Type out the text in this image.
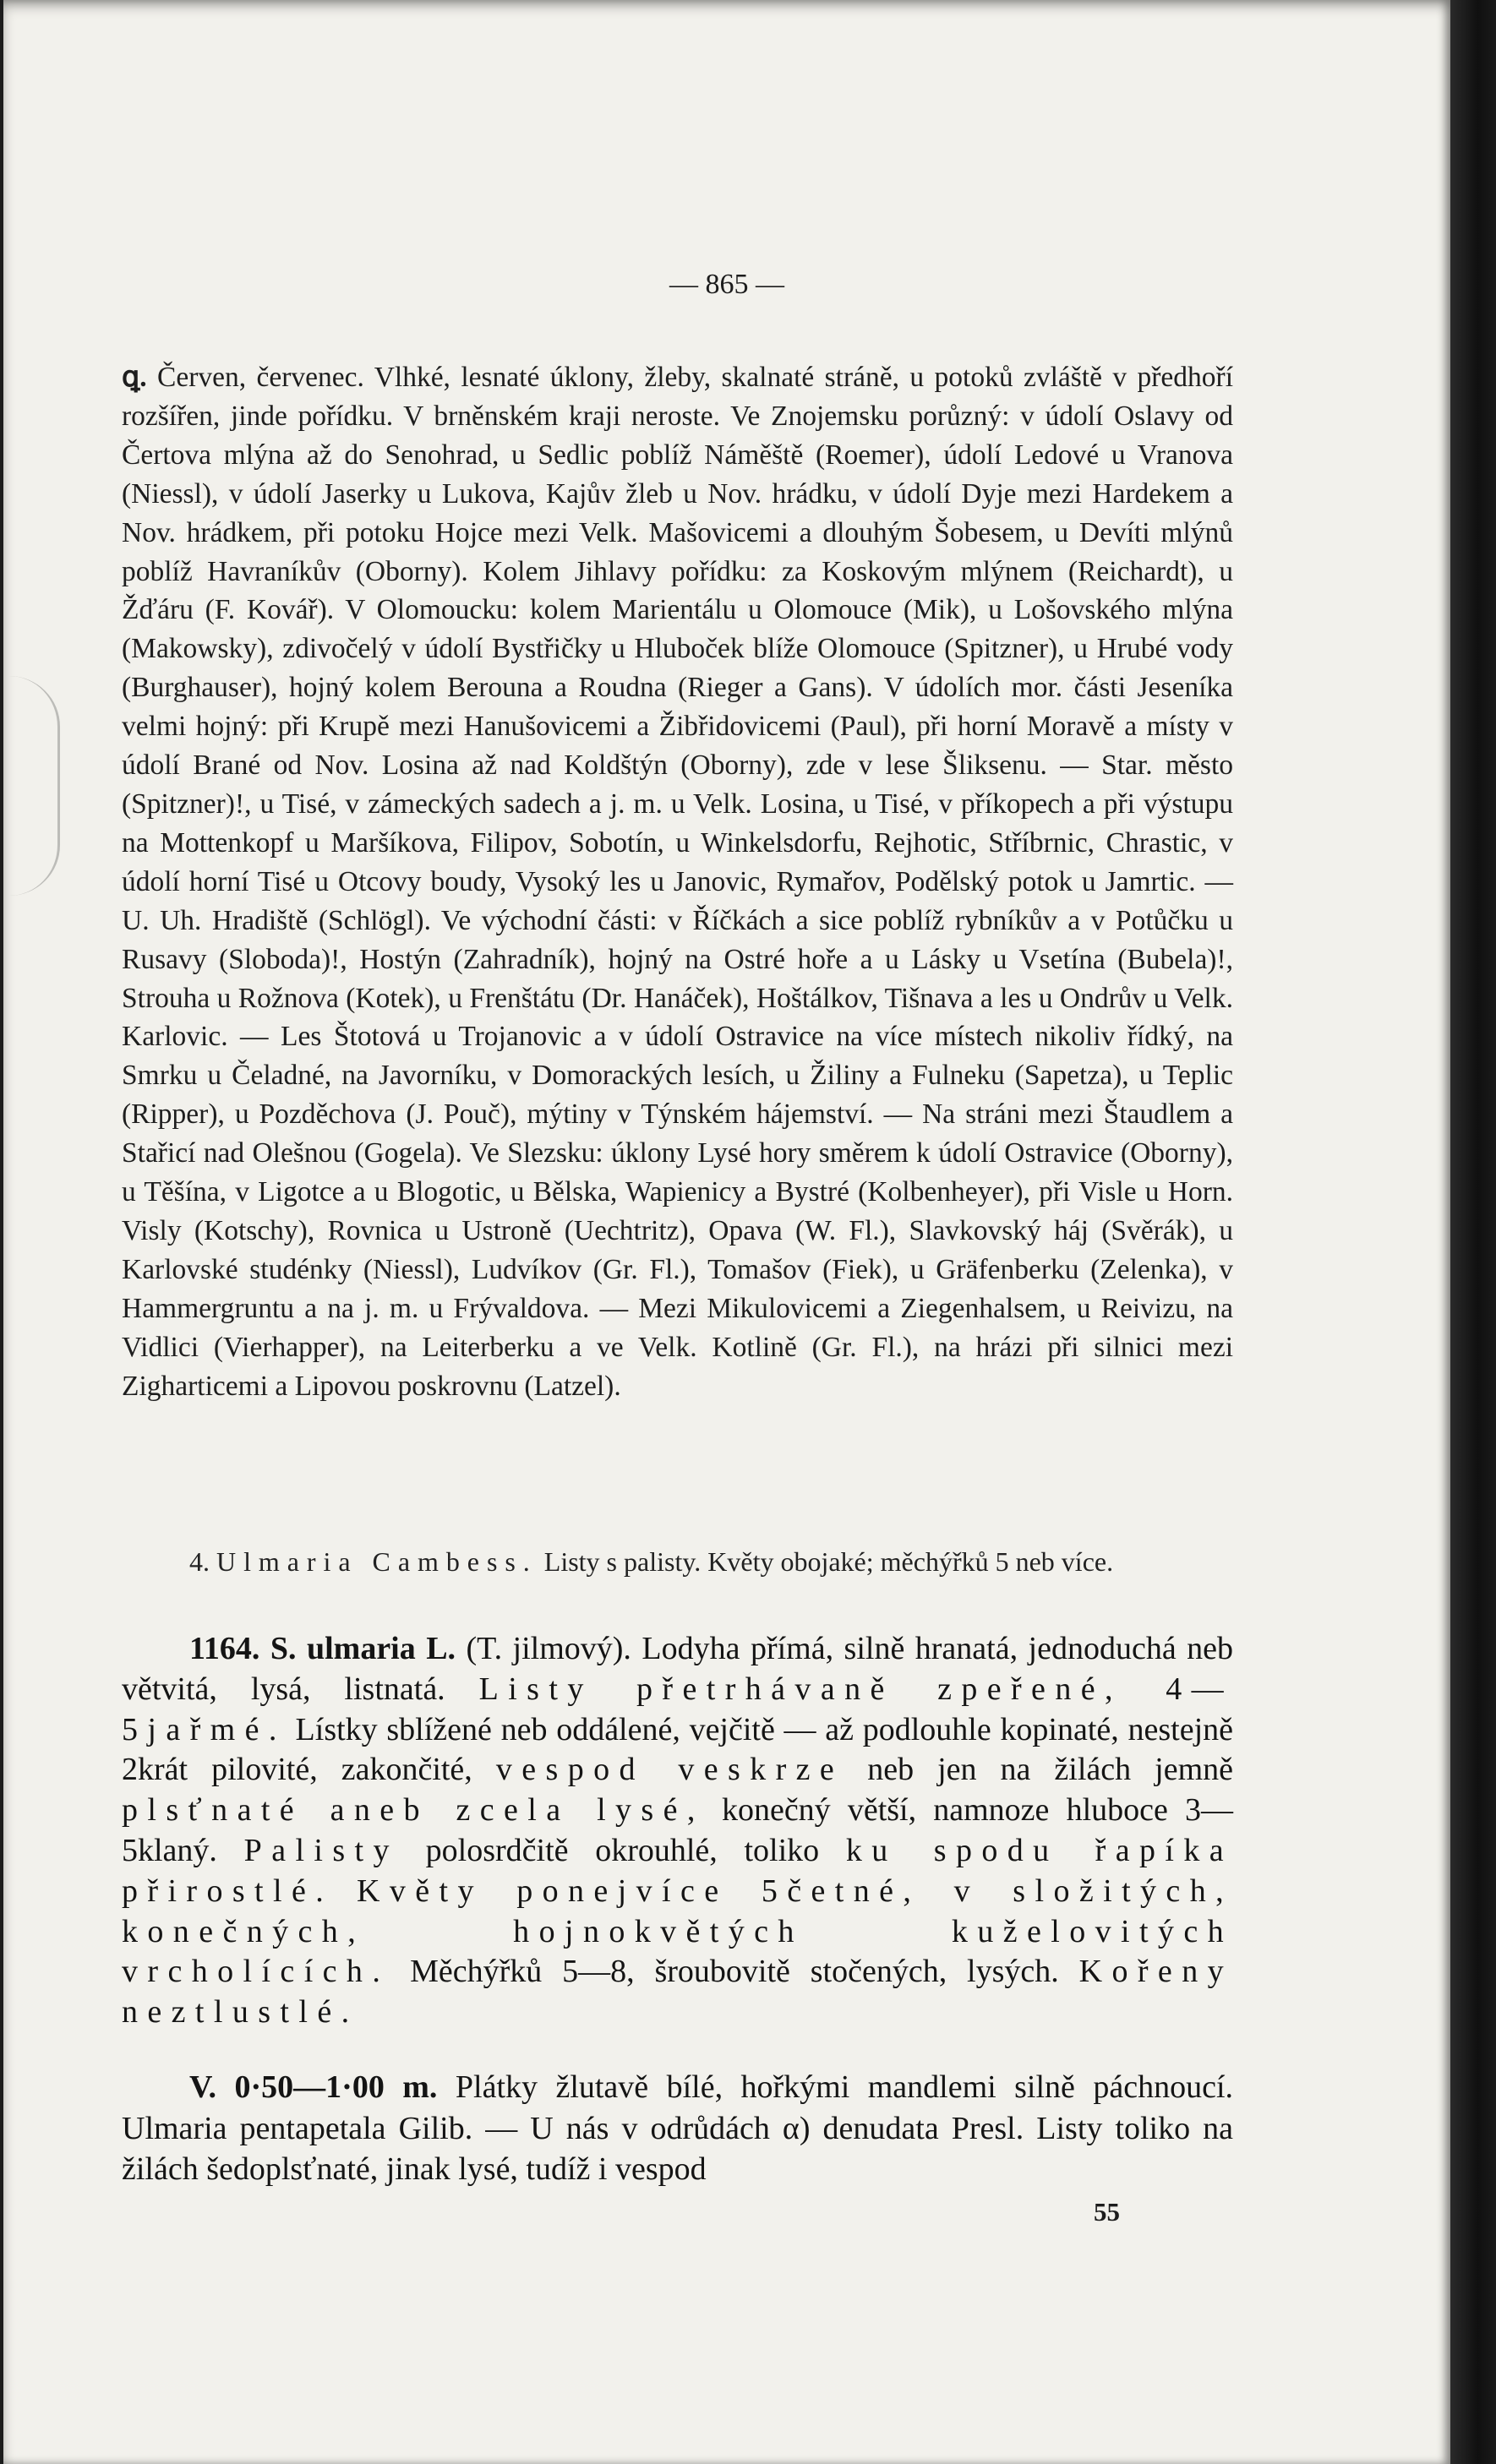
— 865 —
ꝗ. Červen, červenec. Vlhké, lesnaté úklony, žleby, skalnaté stráně, u potoků zvláště v předhoří rozšířen, jinde pořídku. V brněnském kraji neroste. Ve Znojemsku porůzný: v údolí Oslavy od Čertova mlýna až do Senohrad, u Sedlic poblíž Náměště (Roemer), údolí Ledové u Vranova (Niessl), v údolí Jaserky u Lukova, Kajův žleb u Nov. hrádku, v údolí Dyje mezi Hardekem a Nov. hrádkem, při potoku Hojce mezi Velk. Mašovicemi a dlouhým Šobesem, u Devíti mlýnů poblíž Havraníkův (Oborny). Kolem Jihlavy pořídku: za Koskovým mlýnem (Reichardt), u Žďáru (F. Kovář). V Olomoucku: kolem Marientálu u Olomouce (Mik), u Lošovského mlýna (Makowsky), zdivočelý v údolí Bystřičky u Hluboček blíže Olomouce (Spitzner), u Hrubé vody (Burghauser), hojný kolem Berouna a Roudna (Rieger a Gans). V údolích mor. části Jeseníka velmi hojný: při Krupě mezi Hanušovicemi a Žibřidovicemi (Paul), při horní Moravě a místy v údolí Brané od Nov. Losina až nad Koldštýn (Oborny), zde v lese Šliksenu. — Star. město (Spitzner)!, u Tisé, v zámeckých sadech a j. m. u Velk. Losina, u Tisé, v příkopech a při výstupu na Mottenkopf u Maršíkova, Filipov, Sobotín, u Winkelsdorfu, Rejhotic, Stříbrnic, Chrastic, v údolí horní Tisé u Otcovy boudy, Vysoký les u Janovic, Rymařov, Podělský potok u Jamrtic. — U. Uh. Hradiště (Schlögl). Ve východní části: v Říčkách a sice poblíž rybníkův a v Potůčku u Rusavy (Sloboda)!, Hostýn (Zahradník), hojný na Ostré hoře a u Lásky u Vsetína (Bubela)!, Strouha u Rožnova (Kotek), u Frenštátu (Dr. Hanáček), Hoštálkov, Tišnava a les u Ondrův u Velk. Karlovic. — Les Štotová u Trojanovic a v údolí Ostravice na více místech nikoliv řídký, na Smrku u Čeladné, na Javorníku, v Domorackých lesích, u Žiliny a Fulneku (Sapetza), u Teplic (Ripper), u Pozděchova (J. Pouč), mýtiny v Týnském hájemství. — Na stráni mezi Štaudlem a Stařicí nad Olešnou (Gogela). Ve Slezsku: úklony Lysé hory směrem k údolí Ostravice (Oborny), u Těšína, v Ligotce a u Blogotic, u Bělska, Wapienicy a Bystré (Kolbenheyer), při Visle u Horn. Visly (Kotschy), Rovnica u Ustroně (Uechtritz), Opava (W. Fl.), Slavkovský háj (Svěrák), u Karlovské studénky (Niessl), Ludvíkov (Gr. Fl.), Tomašov (Fiek), u Gräfenberku (Zelenka), v Hammergruntu a na j. m. u Frývaldova. — Mezi Mikulovicemi a Ziegenhalsem, u Reivizu, na Vidlici (Vierhapper), na Leiterberku a ve Velk. Kotlině (Gr. Fl.), na hrázi při silnici mezi Zigharticemi a Lipovou poskrovnu (Latzel).
4. Ulmaria Cambess. Listy s palisty. Květy obojaké; měchýřků 5 neb více.
1164. S. ulmaria L. (T. jilmový). Lodyha přímá, silně hranatá, jednoduchá neb větvitá, lysá, listnatá. Listy přetrhávaně zpeřené, 4—5jařmé. Lístky sblížené neb oddálené, vejčitě — až podlouhle kopinaté, nestejně 2krát pilovité, zakončité, vespod veskrze neb jen na žilách jemně plsťnaté aneb zcela lysé, konečný větší, namnoze hluboce 3—5klaný. Palisty polosrdčitě okrouhlé, toliko ku spodu řapíka přirostlé. Květy ponejvíce 5četné, v složitých, konečných, hojnokvětých kuželovitých vrcholících. Měchýřků 5—8, šroubovitě stočených, lysých. Kořeny neztlustlé.
V. 0·50—1·00 m. Plátky žlutavě bílé, hořkými mandlemi silně páchnoucí. Ulmaria pentapetala Gilib. — U nás v odrůdách α) denudata Presl. Listy toliko na žilách šedoplsťnaté, jinak lysé, tudíž i vespod
55
